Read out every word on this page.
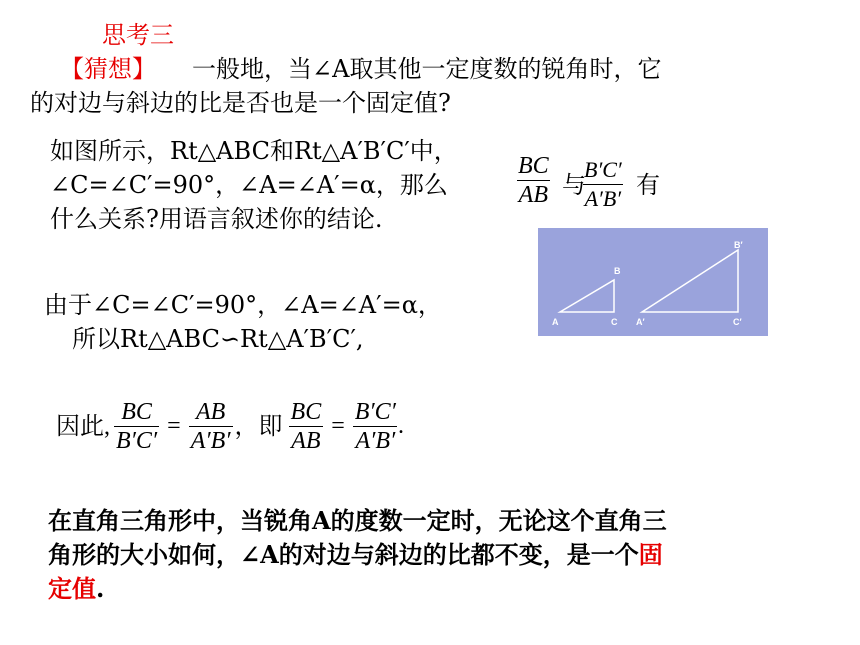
思考三
【猜想】 一般地，当∠A取其他一定度数的锐角时，它
的对边与斜边的比是否也是一个固定值?
如图所示，Rt△ABC和Rt△A′B′C′中，
∠C=∠C′=90°，∠A=∠A′=α，那么
什么关系?用语言叙述你的结论.
$\frac{BC}{AB}$ 与
$\frac{B'C'}{A'B'}$ 有
A	C
B
A′	C′
B′
由于∠C=∠C′=90°，∠A=∠A′=α，
所以Rt△ABC∽Rt△A′B′C′,
因此, $\frac{BC}{B'C'} = \frac{AB}{A'B'}$ ，即 $\frac{BC}{AB} = \frac{B'C'}{A'B'}$ .
在直角三角形中，当锐角A的度数一定时，无论这个直角三
角形的大小如何，∠A的对边与斜边的比都不变，是一个固
定值.
